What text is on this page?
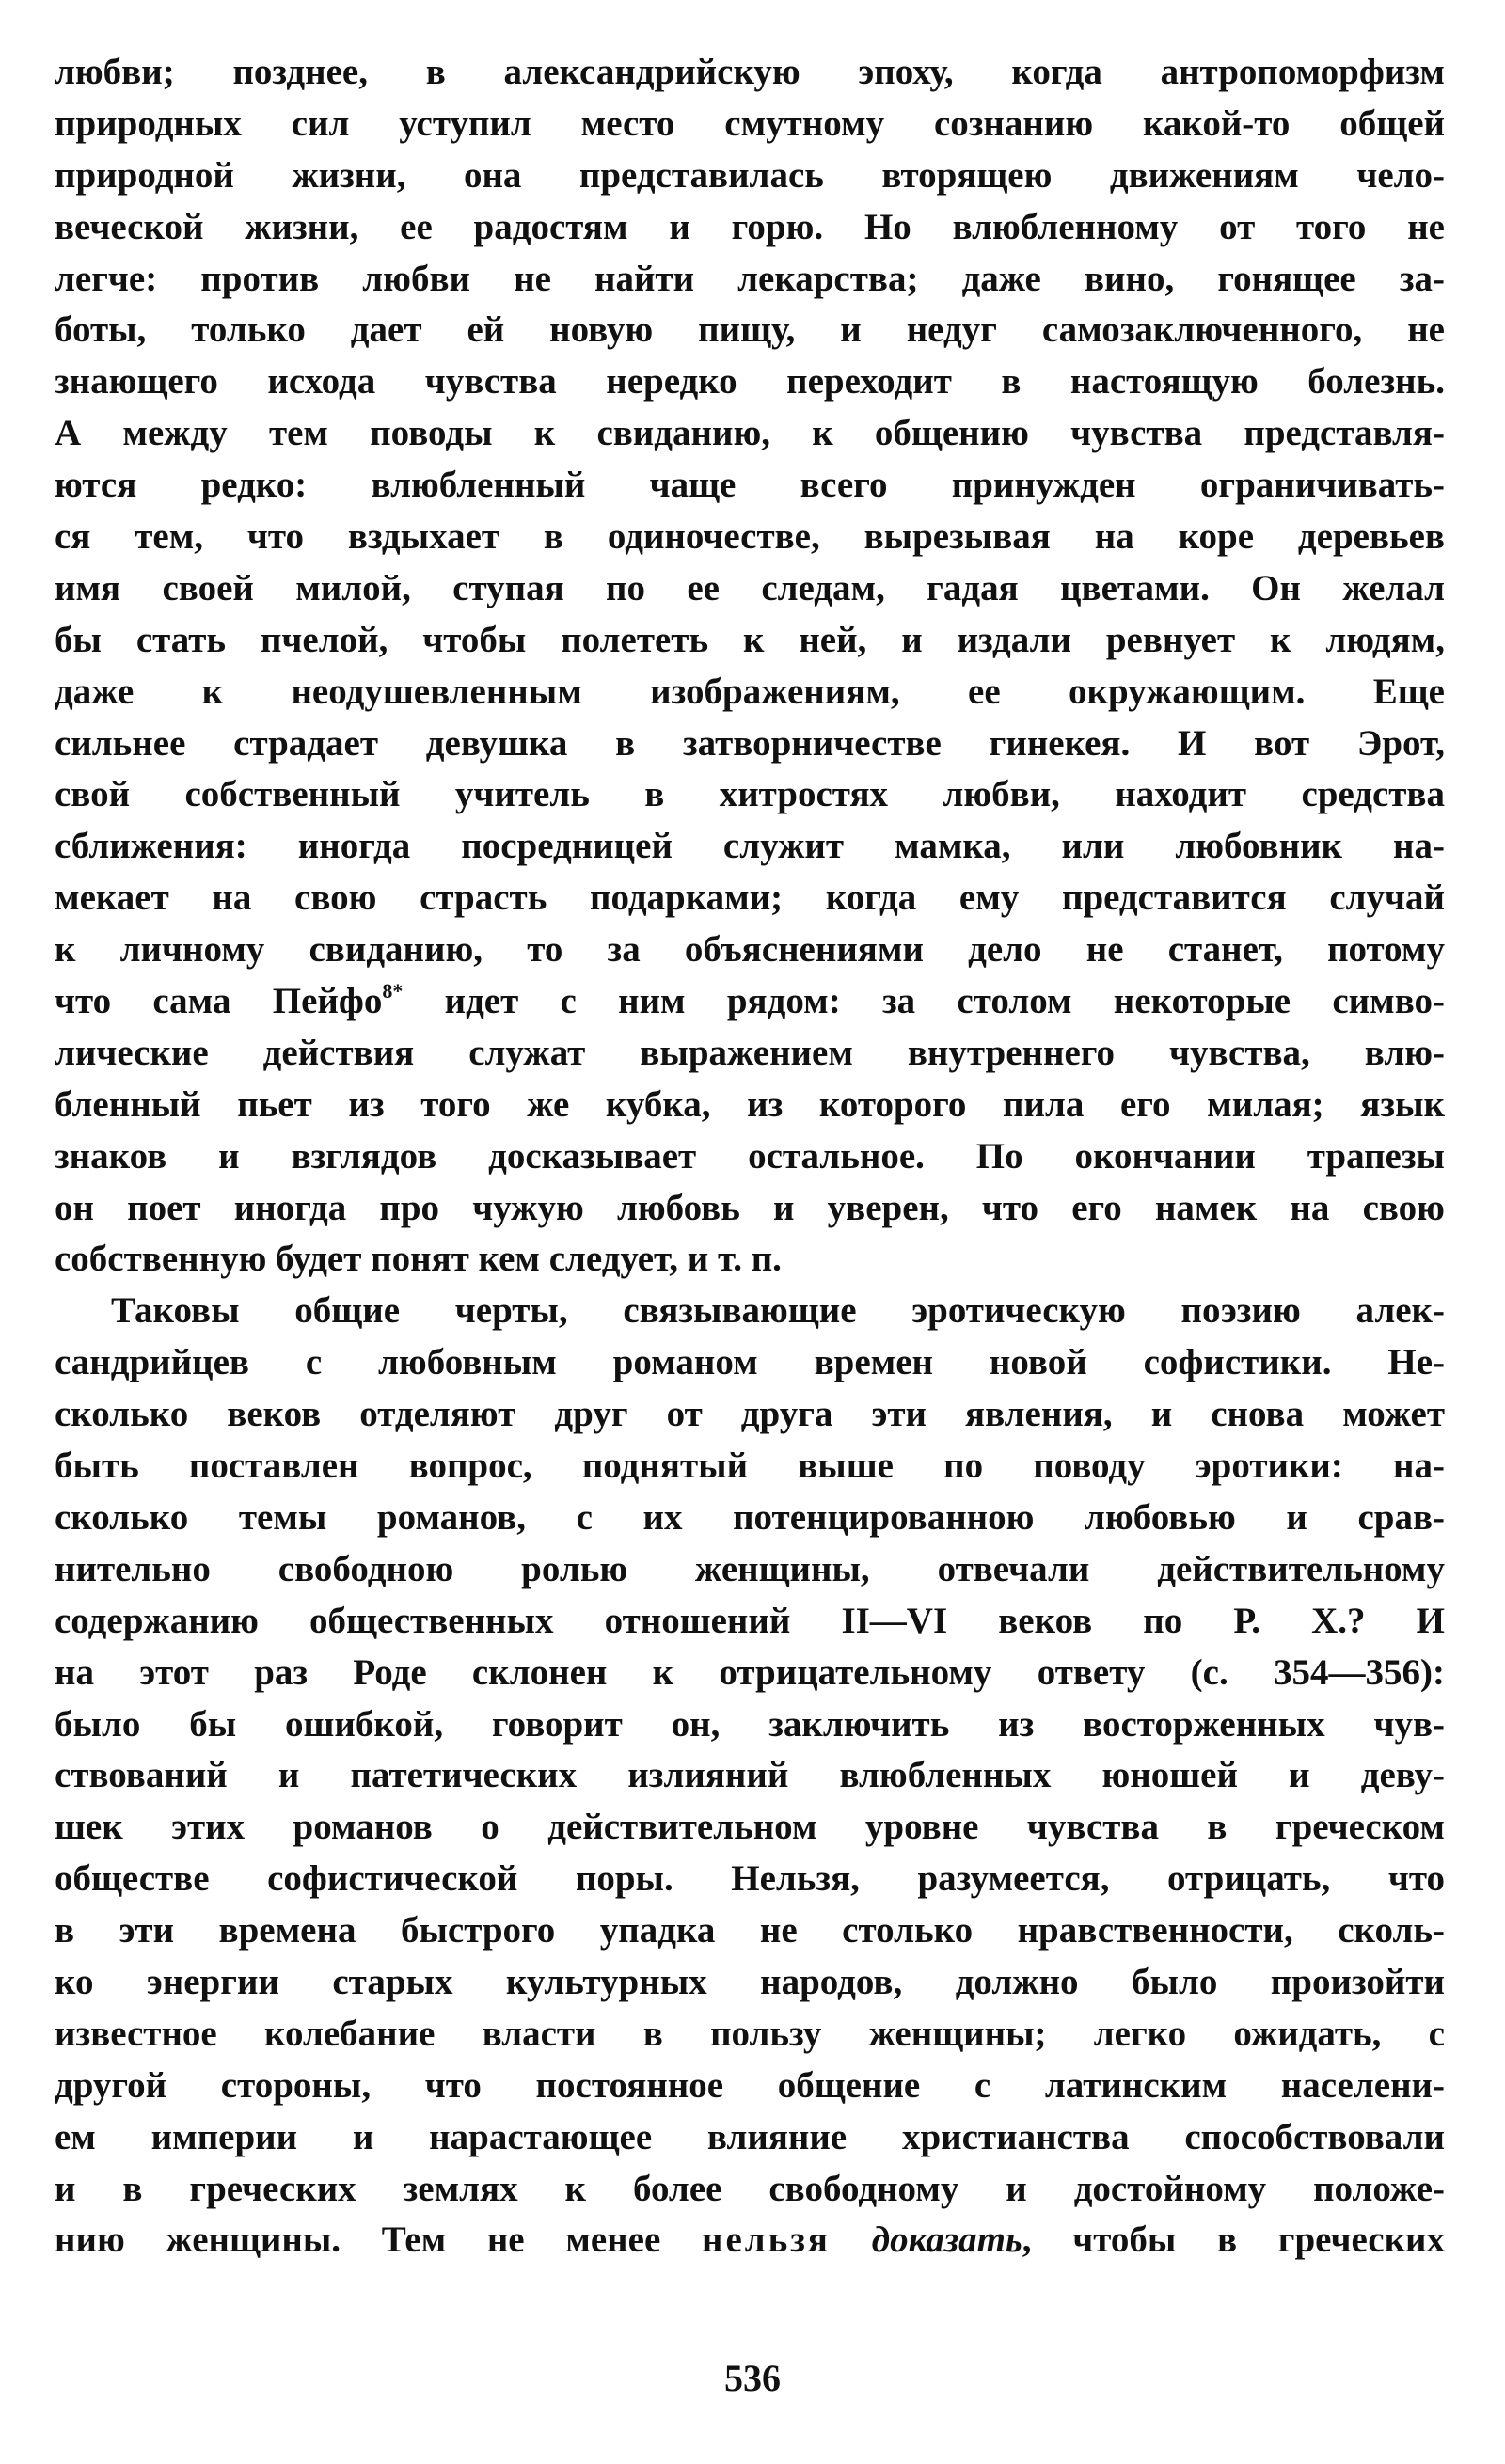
любви; позднее, в александрийскую эпоху, когда антропоморфизм
природных сил уступил место смутному сознанию какой-то общей
природной жизни, она представилась вторящею движениям чело-
веческой жизни, ее радостям и горю. Но влюбленному от того не
легче: против любви не найти лекарства; даже вино, гонящее за-
боты, только дает ей новую пищу, и недуг самозаключенного, не
знающего исхода чувства нередко переходит в настоящую болезнь.
А между тем поводы к свиданию, к общению чувства представля-
ются редко: влюбленный чаще всего принужден ограничивать-
ся тем, что вздыхает в одиночестве, вырезывая на коре деревьев
имя своей милой, ступая по ее следам, гадая цветами. Он желал
бы стать пчелой, чтобы полететь к ней, и издали ревнует к людям,
даже к неодушевленным изображениям, ее окружающим. Еще
сильнее страдает девушка в затворничестве гинекея. И вот Эрот,
свой собственный учитель в хитростях любви, находит средства
сближения: иногда посредницей служит мамка, или любовник на-
мекает на свою страсть подарками; когда ему представится случай
к личному свиданию, то за объяснениями дело не станет, потому
что сама Пейфо$^{8*}$ идет с ним рядом: за столом некоторые симво-
лические действия служат выражением внутреннего чувства, влю-
бленный пьет из того же кубка, из которого пила его милая; язык
знаков и взглядов досказывает остальное. По окончании трапезы
он поет иногда про чужую любовь и уверен, что его намек на свою
собственную будет понят кем следует, и т. п.
Таковы общие черты, связывающие эротическую поэзию алек-
сандрийцев с любовным романом времен новой софистики. Не-
сколько веков отделяют друг от друга эти явления, и снова может
быть поставлен вопрос, поднятый выше по поводу эротики: на-
сколько темы романов, с их потенцированною любовью и срав-
нительно свободною ролью женщины, отвечали действительному
содержанию общественных отношений II—VI веков по Р. Х.? И
на этот раз Роде склонен к отрицательному ответу (с. 354—356):
было бы ошибкой, говорит он, заключить из восторженных чув-
ствований и патетических излияний влюбленных юношей и деву-
шек этих романов о действительном уровне чувства в греческом
обществе софистической поры. Нельзя, разумеется, отрицать, что
в эти времена быстрого упадка не столько нравственности, сколь-
ко энергии старых культурных народов, должно было произойти
известное колебание власти в пользу женщины; легко ожидать, с
другой стороны, что постоянное общение с латинским населени-
ем империи и нарастающее влияние христианства способствовали
и в греческих землях к более свободному и достойному положе-
нию женщины. Тем не менее нельзя доказать, чтобы в греческих
536
